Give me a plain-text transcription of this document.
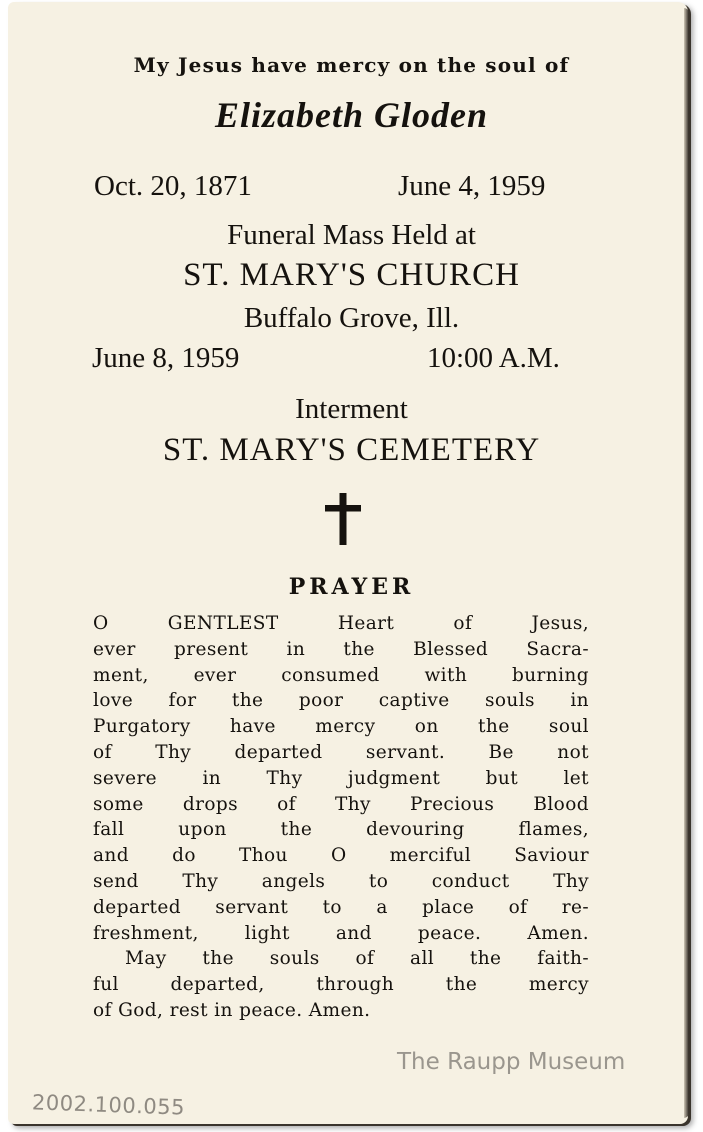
My Jesus have mercy on the soul of
Elizabeth Gloden
Oct. 20, 1871	June 4, 1959
Funeral Mass Held at
ST. MARY'S CHURCH
Buffalo Grove, Ill.
June 8, 1959	10:00 A.M.
Interment
ST. MARY'S CEMETERY
PRAYER
O GENTLEST Heart of Jesus,
ever present in the Blessed Sacra-
ment, ever consumed with burning
love for the poor captive souls in
Purgatory have mercy on the soul
of Thy departed servant. Be not
severe in Thy judgment but let
some drops of Thy Precious Blood
fall upon the devouring flames,
and do Thou O merciful Saviour
send Thy angels to conduct Thy
departed servant to a place of re-
freshment, light and peace. Amen.
May the souls of all the faith-
ful departed, through the mercy
of God, rest in peace. Amen.
The Raupp Museum
2002.100.055
